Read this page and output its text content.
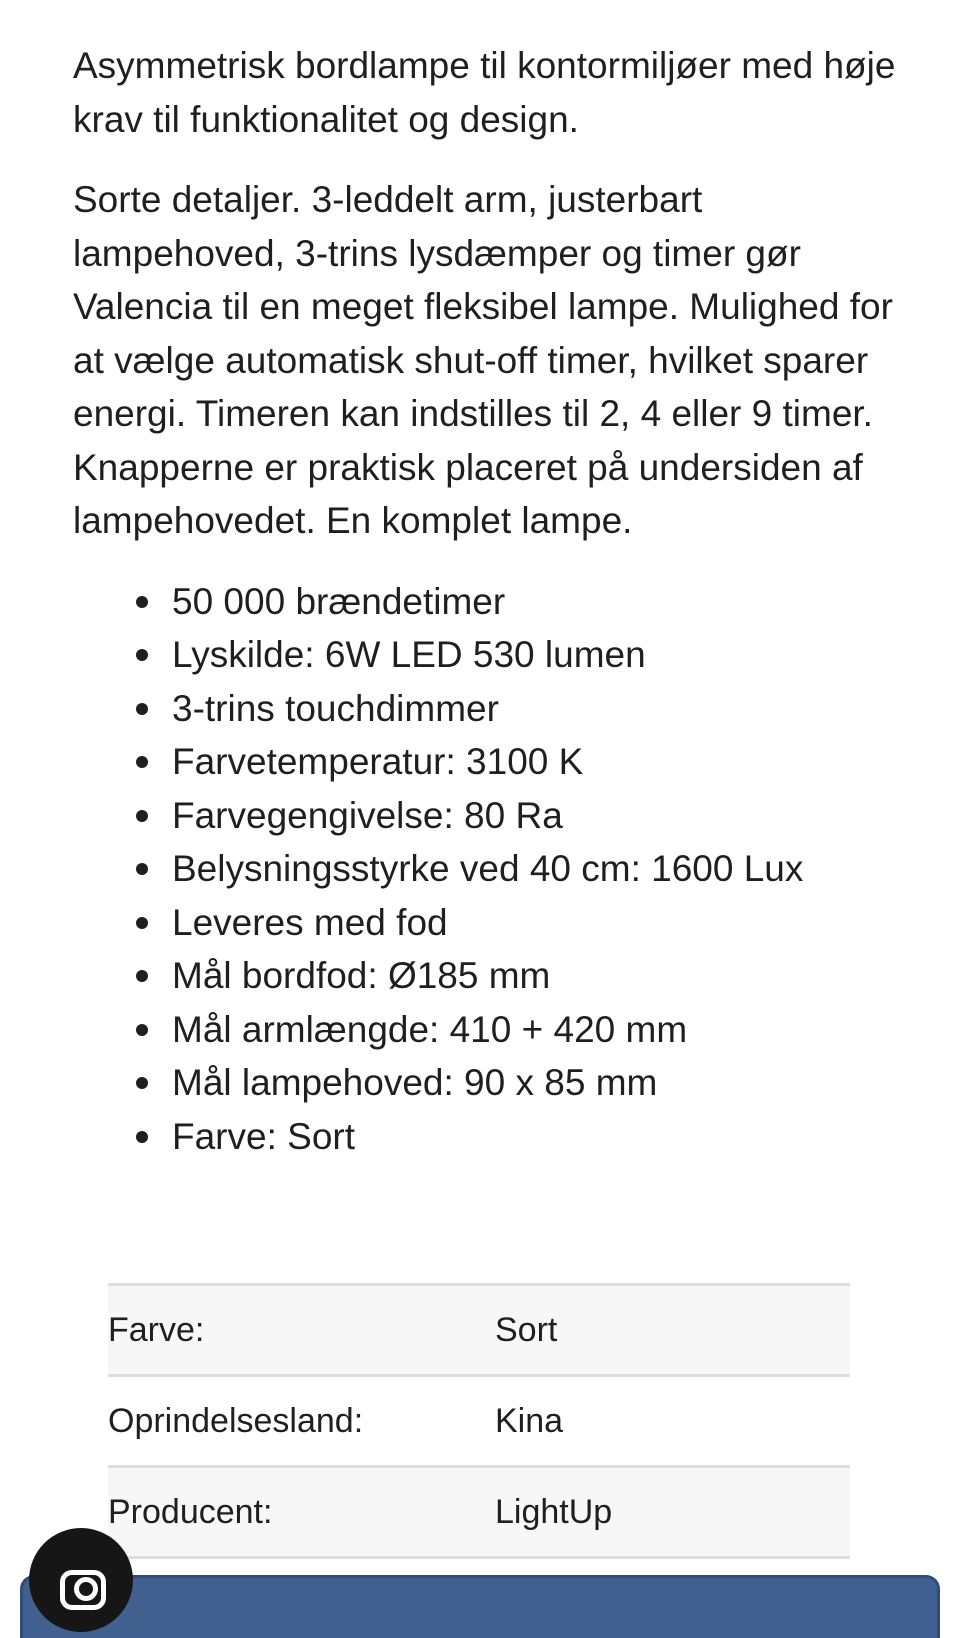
Asymmetrisk bordlampe til kontormiljøer med høje krav til funktionalitet og design.

Sorte detaljer. 3-leddelt arm, justerbart lampehoved, 3-trins lysdæmper og timer gør Valencia til en meget fleksibel lampe. Mulighed for at vælge automatisk shut-off timer, hvilket sparer energi. Timeren kan indstilles til 2, 4 eller 9 timer. Knapperne er praktisk placeret på undersiden af lampehovedet. En komplet lampe.

50 000 brændetimer
Lyskilde: 6W LED 530 lumen
3-trins touchdimmer
Farvetemperatur: 3100 K
Farvegengivelse: 80 Ra
Belysningsstyrke ved 40 cm: 1600 Lux
Leveres med fod
Mål bordfod: Ø185 mm
Mål armlængde: 410 + 420 mm
Mål lampehoved: 90 x 85 mm
Farve: Sort
Farve:	Sort
Oprindelsesland:	Kina
Producent:	LightUp
